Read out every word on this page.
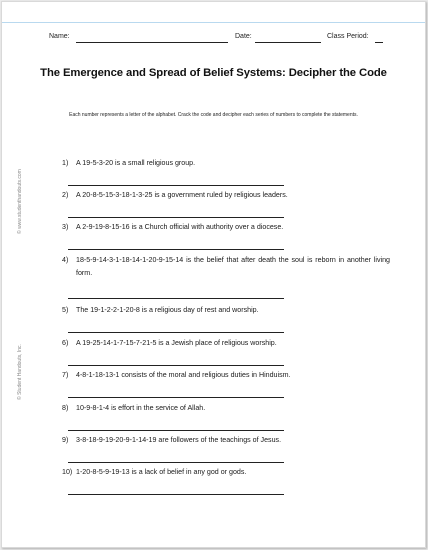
Name:	Date:	Class Period:
The Emergence and Spread of Belief Systems: Decipher the Code
Each number represents a letter of the alphabet. Crack the code and decipher each series of numbers to complete the statements.
© www.studenthandouts.com
© Student Handouts, Inc.
1)	A 19-5-3-20 is a small religious group.
2)	A 20-8-5-15-3-18-1-3-25 is a government ruled by religious leaders.
3)	A 2-9-19-8-15-16 is a Church official with authority over a diocese.
4)	18-5-9-14-3-1-18-14-1-20-9-15-14 is the belief that after death the soul is reborn in another living form.
5)	The 19-1-2-2-1-20-8 is a religious day of rest and worship.
6)	A 19-25-14-1-7-15-7-21-5 is a Jewish place of religious worship.
7)	4-8-1-18-13-1 consists of the moral and religious duties in Hinduism.
8)	10-9-8-1-4 is effort in the service of Allah.
9)	3-8-18-9-19-20-9-1-14-19 are followers of the teachings of Jesus.
10) 1-20-8-5-9-19-13 is a lack of belief in any god or gods.
